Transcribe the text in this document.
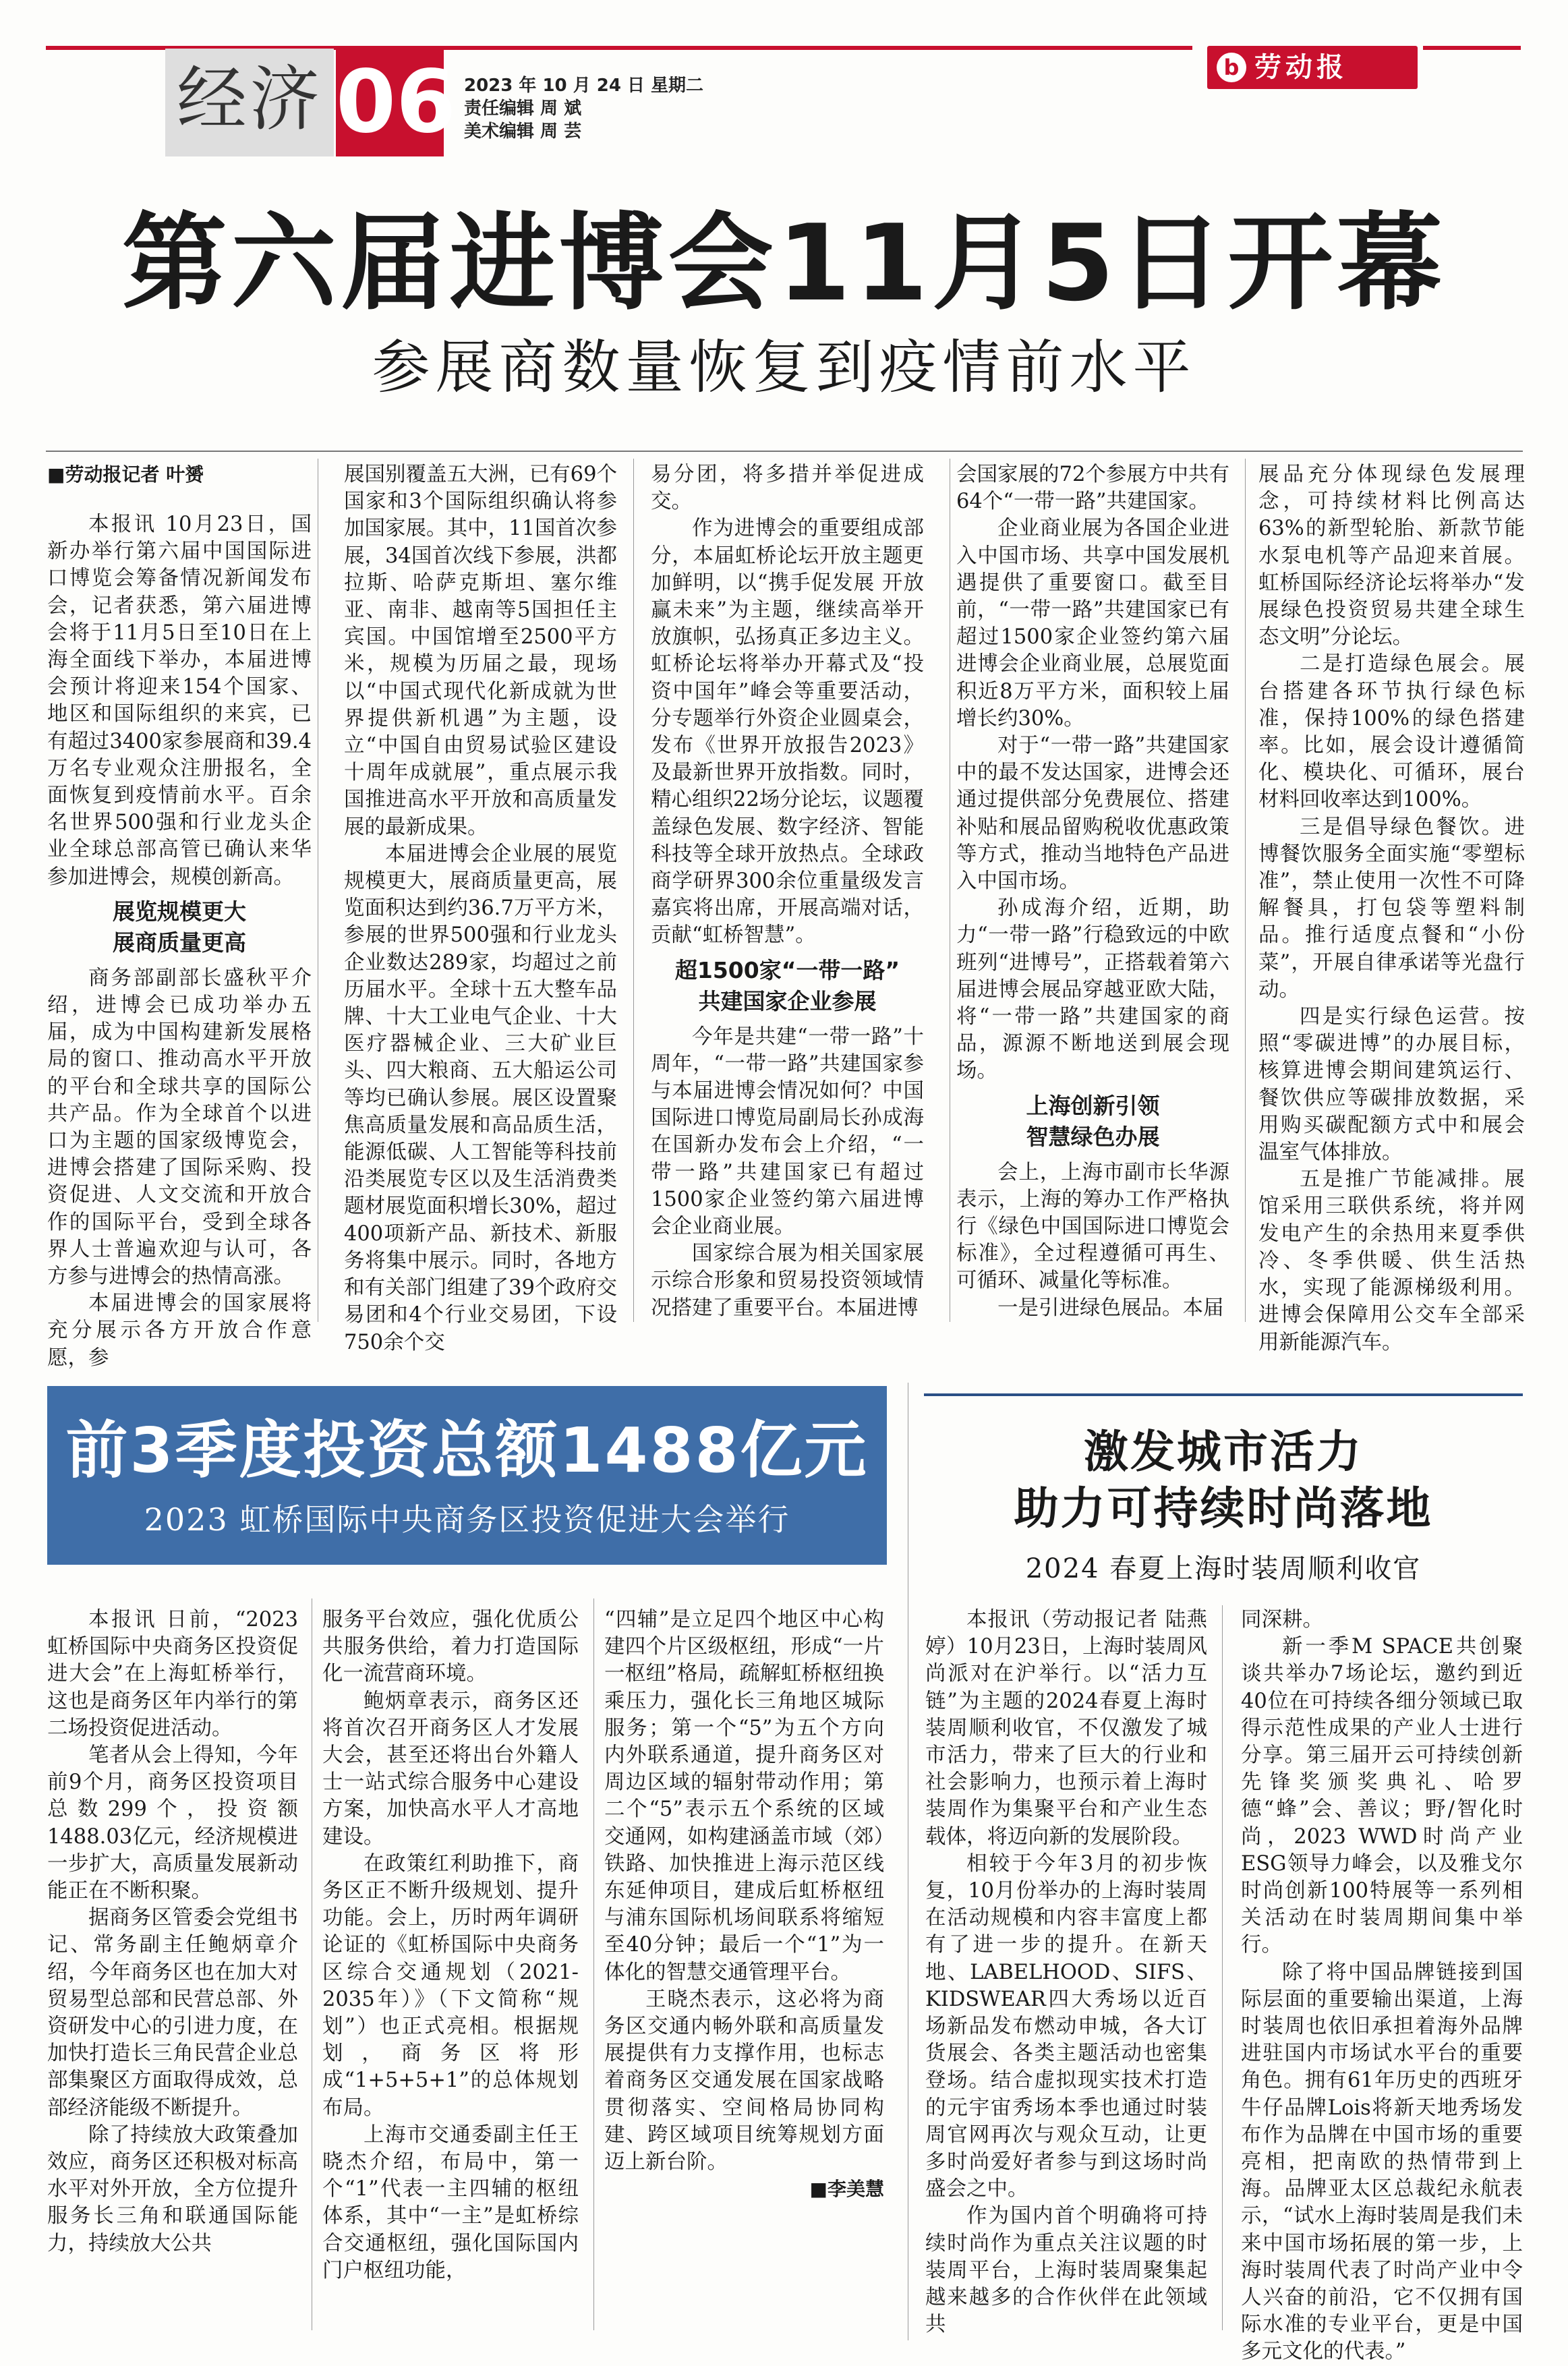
经济 06 2023 年 10 月 24 日 星期二
责任编辑 周 斌
美术编辑 周 芸
b 劳动报
第六届进博会11月5日开幕
参展商数量恢复到疫情前水平
■劳动报记者 叶赟

本报讯 10月23日，国新办举行第六届中国国际进口博览会筹备情况新闻发布会，记者获悉，第六届进博会将于11月5日至10日在上海全面线下举办，本届进博会预计将迎来154个国家、地区和国际组织的来宾，已有超过3400家参展商和39.4万名专业观众注册报名，全面恢复到疫情前水平。百余名世界500强和行业龙头企业全球总部高管已确认来华参加进博会，规模创新高。

展览规模更大
展商质量更高

商务部副部长盛秋平介绍，进博会已成功举办五届，成为中国构建新发展格局的窗口、推动高水平开放的平台和全球共享的国际公共产品。作为全球首个以进口为主题的国家级博览会，进博会搭建了国际采购、投资促进、人文交流和开放合作的国际平台，受到全球各界人士普遍欢迎与认可，各方参与进博会的热情高涨。

本届进博会的国家展将充分展示各方开放合作意愿，参

展国别覆盖五大洲，已有69个国家和3个国际组织确认将参加国家展。其中，11国首次参展，34国首次线下参展，洪都拉斯、哈萨克斯坦、塞尔维亚、南非、越南等5国担任主宾国。中国馆增至2500平方米，规模为历届之最，现场以“中国式现代化新成就为世界提供新机遇”为主题，设立“中国自由贸易试验区建设十周年成就展”，重点展示我国推进高水平开放和高质量发展的最新成果。

本届进博会企业展的展览规模更大，展商质量更高，展览面积达到约36.7万平方米，参展的世界500强和行业龙头企业数达289家，均超过之前历届水平。全球十五大整车品牌、十大工业电气企业、十大医疗器械企业、三大矿业巨头、四大粮商、五大船运公司等均已确认参展。展区设置聚焦高质量发展和高品质生活，能源低碳、人工智能等科技前沿类展览专区以及生活消费类题材展览面积增长30%，超过400项新产品、新技术、新服务将集中展示。同时，各地方和有关部门组建了39个政府交易团和4个行业交易团，下设750余个交

易分团，将多措并举促进成交。

作为进博会的重要组成部分，本届虹桥论坛开放主题更加鲜明，以“携手促发展 开放赢未来”为主题，继续高举开放旗帜，弘扬真正多边主义。虹桥论坛将举办开幕式及“投资中国年”峰会等重要活动，分专题举行外资企业圆桌会，发布《世界开放报告2023》及最新世界开放指数。同时，精心组织22场分论坛，议题覆盖绿色发展、数字经济、智能科技等全球开放热点。全球政商学研界300余位重量级发言嘉宾将出席，开展高端对话，贡献“虹桥智慧”。

超1500家“一带一路”
共建国家企业参展

今年是共建“一带一路”十周年，“一带一路”共建国家参与本届进博会情况如何？中国国际进口博览局副局长孙成海在国新办发布会上介绍，“一带一路”共建国家已有超过1500家企业签约第六届进博会企业商业展。

国家综合展为相关国家展示综合形象和贸易投资领域情况搭建了重要平台。本届进博

会国家展的72个参展方中共有64个“一带一路”共建国家。

企业商业展为各国企业进入中国市场、共享中国发展机遇提供了重要窗口。截至目前，“一带一路”共建国家已有超过1500家企业签约第六届进博会企业商业展，总展览面积近8万平方米，面积较上届增长约30%。

对于“一带一路”共建国家中的最不发达国家，进博会还通过提供部分免费展位、搭建补贴和展品留购税收优惠政策等方式，推动当地特色产品进入中国市场。

孙成海介绍，近期，助力“一带一路”行稳致远的中欧班列“进博号”，正搭载着第六届进博会展品穿越亚欧大陆，将“一带一路”共建国家的商品，源源不断地送到展会现场。

上海创新引领
智慧绿色办展

会上，上海市副市长华源表示，上海的筹办工作严格执行《绿色中国国际进口博览会标准》，全过程遵循可再生、可循环、减量化等标准。

一是引进绿色展品。本届

展品充分体现绿色发展理念，可持续材料比例高达63%的新型轮胎、新款节能水泵电机等产品迎来首展。虹桥国际经济论坛将举办“发展绿色投资贸易共建全球生态文明”分论坛。

二是打造绿色展会。展台搭建各环节执行绿色标准，保持100%的绿色搭建率。比如，展会设计遵循简化、模块化、可循环，展台材料回收率达到100%。

三是倡导绿色餐饮。进博餐饮服务全面实施“零塑标准”，禁止使用一次性不可降解餐具，打包袋等塑料制品。推行适度点餐和“小份菜”，开展自律承诺等光盘行动。

四是实行绿色运营。按照“零碳进博”的办展目标，核算进博会期间建筑运行、餐饮供应等碳排放数据，采用购买碳配额方式中和展会温室气体排放。

五是推广节能减排。展馆采用三联供系统，将并网发电产生的余热用来夏季供冷、冬季供暖、供生活热水，实现了能源梯级利用。进博会保障用公交车全部采用新能源汽车。

前3季度投资总额1488亿元
2023 虹桥国际中央商务区投资促进大会举行

本报讯 日前，“2023虹桥国际中央商务区投资促进大会”在上海虹桥举行，这也是商务区年内举行的第二场投资促进活动。

笔者从会上得知，今年前9个月，商务区投资项目总数299个，投资额1488.03亿元，经济规模进一步扩大，高质量发展新动能正在不断积聚。

据商务区管委会党组书记、常务副主任鲍炳章介绍，今年商务区也在加大对贸易型总部和民营总部、外资研发中心的引进力度，在加快打造长三角民营企业总部集聚区方面取得成效，总部经济能级不断提升。

除了持续放大政策叠加效应，商务区还积极对标高水平对外开放，全方位提升服务长三角和联通国际能力，持续放大公共

服务平台效应，强化优质公共服务供给，着力打造国际化一流营商环境。

鲍炳章表示，商务区还将首次召开商务区人才发展大会，甚至还将出台外籍人士一站式综合服务中心建设方案，加快高水平人才高地建设。

在政策红利助推下，商务区正不断升级规划、提升功能。会上，历时两年调研论证的《虹桥国际中央商务区综合交通规划（2021-2035年）》（下文简称“规划”）也正式亮相。根据规划，商务区将形成“1+5+5+1”的总体规划布局。

上海市交通委副主任王晓杰介绍，布局中，第一个“1”代表一主四辅的枢纽体系，其中“一主”是虹桥综合交通枢纽，强化国际国内门户枢纽功能，

“四辅”是立足四个地区中心构建四个片区级枢纽，形成“一片一枢纽”格局，疏解虹桥枢纽换乘压力，强化长三角地区城际服务；第一个“5”为五个方向内外联系通道，提升商务区对周边区域的辐射带动作用；第二个“5”表示五个系统的区域交通网，如构建涵盖市域（郊）铁路、加快推进上海示范区线东延伸项目，建成后虹桥枢纽与浦东国际机场间联系将缩短至40分钟；最后一个“1”为一体化的智慧交通管理平台。

王晓杰表示，这必将为商务区交通内畅外联和高质量发展提供有力支撑作用，也标志着商务区交通发展在国家战略贯彻落实、空间格局协同构建、跨区域项目统筹规划方面迈上新台阶。

■李美慧
激发城市活力
助力可持续时尚落地
2024 春夏上海时装周顺利收官

本报讯（劳动报记者 陆燕婷）10月23日，上海时装周风尚派对在沪举行。以“活力互链”为主题的2024春夏上海时装周顺利收官，不仅激发了城市活力，带来了巨大的行业和社会影响力，也预示着上海时装周作为集聚平台和产业生态载体，将迈向新的发展阶段。

相较于今年3月的初步恢复，10月份举办的上海时装周在活动规模和内容丰富度上都有了进一步的提升。在新天地、LABELHOOD、SIFS、KIDSWEAR四大秀场以近百场新品发布燃动申城，各大订货展会、各类主题活动也密集登场。结合虚拟现实技术打造的元宇宙秀场本季也通过时装周官网再次与观众互动，让更多时尚爱好者参与到这场时尚盛会之中。

作为国内首个明确将可持续时尚作为重点关注议题的时装周平台，上海时装周聚集起越来越多的合作伙伴在此领域共

同深耕。

新一季M SPACE共创聚谈共举办7场论坛，邀约到近40位在可持续各细分领域已取得示范性成果的产业人士进行分享。第三届开云可持续创新先锋奖颁奖典礼、哈罗德“蜂”会、善议；野/智化时尚，2023 WWD时尚产业ESG领导力峰会，以及雅戈尔时尚创新100特展等一系列相关活动在时装周期间集中举行。

除了将中国品牌链接到国际层面的重要输出渠道，上海时装周也依旧承担着海外品牌进驻国内市场试水平台的重要角色。拥有61年历史的西班牙牛仔品牌Lois将新天地秀场发布作为品牌在中国市场的重要亮相，把南欧的热情带到上海。品牌亚太区总裁纪永航表示，“试水上海时装周是我们未来中国市场拓展的第一步，上海时装周代表了时尚产业中令人兴奋的前沿，它不仅拥有国际水准的专业平台，更是中国多元文化的代表。”
